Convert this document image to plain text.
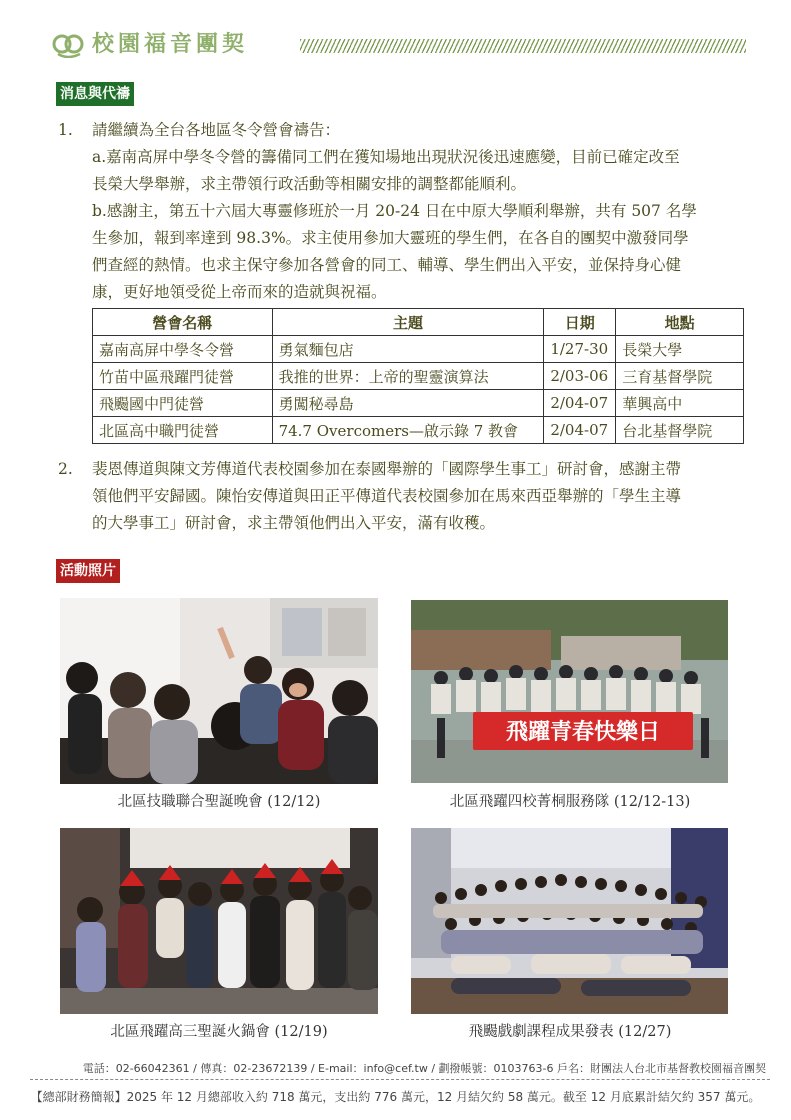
校園福音團契
消息與代禱
1. 請繼續為全台各地區冬令營會禱告：
a.嘉南高屏中學冬令營的籌備同工們在獲知場地出現狀況後迅速應變，目前已確定改至
長榮大學舉辦，求主帶領行政活動等相關安排的調整都能順利。
b.感謝主，第五十六屆大專靈修班於一月 20-24 日在中原大學順利舉辦，共有 507 名學
生參加，報到率達到 98.3%。求主使用參加大靈班的學生們，在各自的團契中激發同學
們查經的熱情。也求主保守參加各營會的同工、輔導、學生們出入平安，並保持身心健
康，更好地領受從上帝而來的造就與祝福。
營會名稱	主題	日期	地點
嘉南高屏中學冬令營	勇氣麵包店	1/27-30	長榮大學
竹苗中區飛躍門徒營	我推的世界：上帝的聖靈演算法	2/03-06	三育基督學院
飛颺國中門徒營	勇闖秘尋島	2/04-07	華興高中
北區高中職門徒營	74.7 Overcomers—啟示錄 7 教會	2/04-07	台北基督學院
2. 裴恩傳道與陳文芳傳道代表校園參加在泰國舉辦的「國際學生事工」研討會，感謝主帶
領他們平安歸國。陳怡安傳道與田正平傳道代表校園參加在馬來西亞舉辦的「學生主導
的大學事工」研討會，求主帶領他們出入平安，滿有收穫。
活動照片
北區技職聯合聖誕晚會 (12/12)
飛躍青春快樂日
北區飛躍四校菁桐服務隊 (12/12-13)
北區飛躍高三聖誕火鍋會 (12/19)	飛颺戲劇課程成果發表 (12/27)
電話：02-66042361 / 傳真：02-23672139 / E-mail：info@cef.tw / 劃撥帳號：0103763-6 戶名：財團法人台北市基督教校園福音團契
【總部財務簡報】2025 年 12 月總部收入約 718 萬元，支出約 776 萬元，12 月結欠約 58 萬元。截至 12 月底累計結欠約 357 萬元。
